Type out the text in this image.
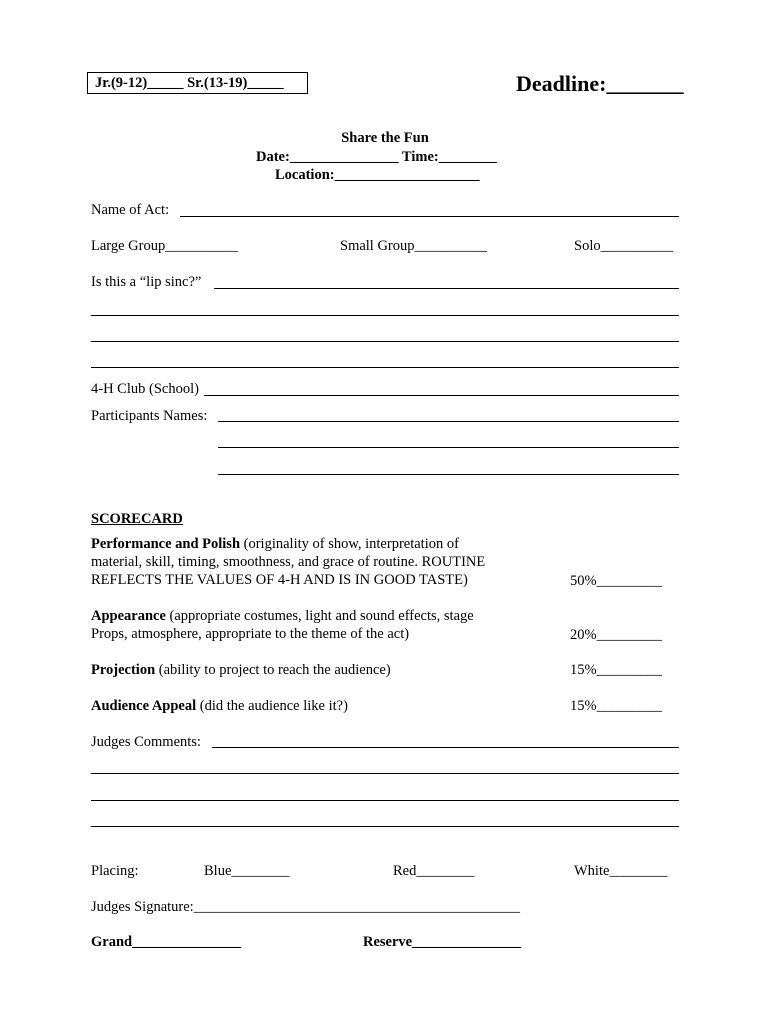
Jr.(9-12)_____ Sr.(13-19)_____	Deadline:_______
Share the Fun
Date:_______________ Time:________
Location:____________________
Name of Act:
Large Group__________	Small Group__________	Solo__________
Is this a “lip sinc?”
4-H Club (School)
Participants Names:
SCORECARD
Performance and Polish (originality of show, interpretation of
material, skill, timing, smoothness, and grace of routine. ROUTINE
REFLECTS THE VALUES OF 4-H AND IS IN GOOD TASTE)	50%_________
Appearance (appropriate costumes, light and sound effects, stage
Props, atmosphere, appropriate to the theme of the act)	20%_________
Projection (ability to project to reach the audience)	15%_________
Audience Appeal (did the audience like it?)	15%_________
Judges Comments:
Placing:	Blue________	Red________	White________
Judges Signature:_____________________________________________
Grand_______________	Reserve_______________
